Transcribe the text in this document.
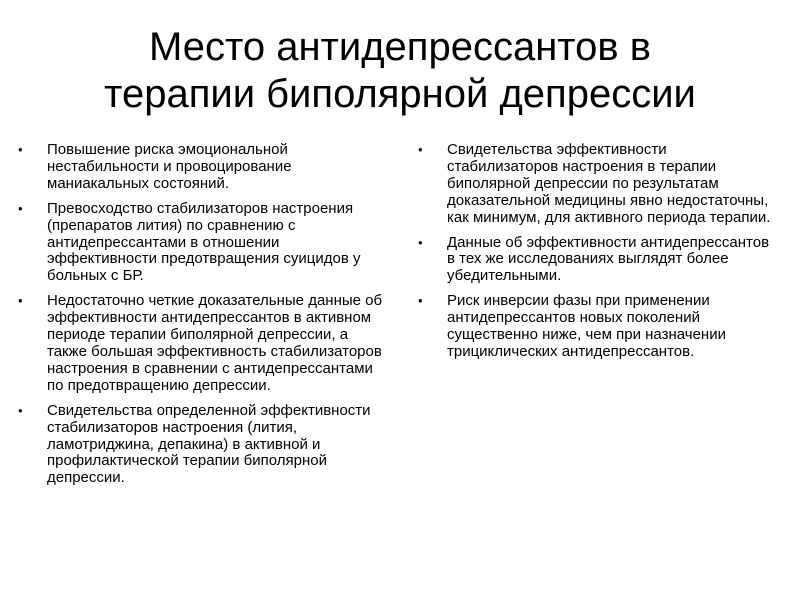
Место антидепрессантов в
терапии биполярной депрессии
• Повышение риска эмоциональной нестабильности и провоцирование маниакальных состояний.
• Превосходство стабилизаторов настроения (препаратов лития) по сравнению с антидепрессантами в отношении эффективности предотвращения суицидов у больных с БР.
• Недостаточно четкие доказательные данные об эффективности антидепрессантов в активном периоде терапии биполярной депрессии, а также большая эффективность стабилизаторов настроения в сравнении с антидепрессантами по предотвращению депрессии.
• Свидетельства определенной эффективности стабилизаторов настроения (лития, ламотриджина, депакина) в активной и профилактической терапии биполярной депрессии.
• Свидетельства эффективности стабилизаторов настроения в терапии биполярной депрессии по результатам доказательной медицины явно недостаточны, как минимум, для активного периода терапии.
• Данные об эффективности антидепрессантов в тех же исследованиях выглядят более убедительными.
• Риск инверсии фазы при применении антидепрессантов новых поколений существенно ниже, чем при назначении трициклических антидепрессантов.
